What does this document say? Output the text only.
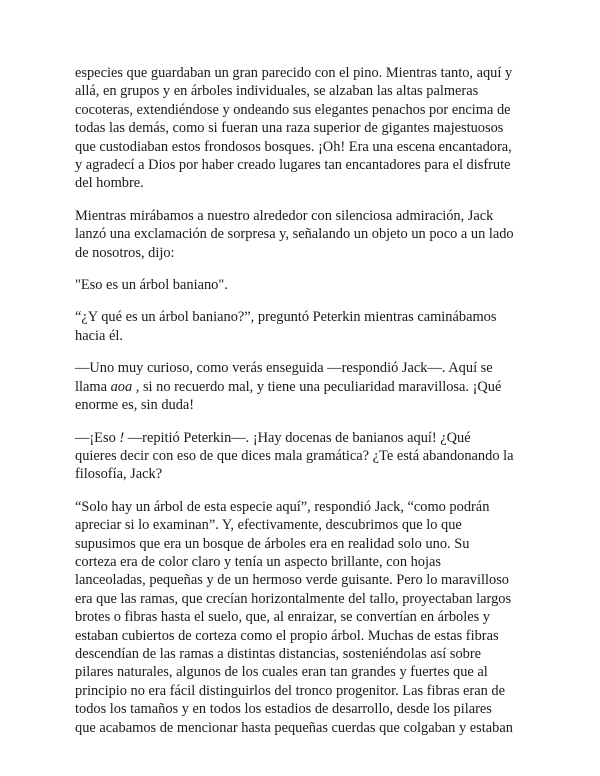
especies que guardaban un gran parecido con el pino. Mientras tanto, aquí y
allá, en grupos y en árboles individuales, se alzaban las altas palmeras
cocoteras, extendiéndose y ondeando sus elegantes penachos por encima de
todas las demás, como si fueran una raza superior de gigantes majestuosos
que custodiaban estos frondosos bosques. ¡Oh! Era una escena encantadora,
y agradecí a Dios por haber creado lugares tan encantadores para el disfrute
del hombre.

Mientras mirábamos a nuestro alrededor con silenciosa admiración, Jack
lanzó una exclamación de sorpresa y, señalando un objeto un poco a un lado
de nosotros, dijo:

"Eso es un árbol baniano".

“¿Y qué es un árbol baniano?”, preguntó Peterkin mientras caminábamos
hacia él.

—Uno muy curioso, como verás enseguida —respondió Jack—. Aquí se
llama aoa , si no recuerdo mal, y tiene una peculiaridad maravillosa. ¡Qué
enorme es, sin duda!

—¡Eso ! —repitió Peterkin—. ¡Hay docenas de banianos aquí! ¿Qué
quieres decir con eso de que dices mala gramática? ¿Te está abandonando la
filosofía, Jack?

“Solo hay un árbol de esta especie aquí”, respondió Jack, “como podrán
apreciar si lo examinan”. Y, efectivamente, descubrimos que lo que
supusimos que era un bosque de árboles era en realidad solo uno. Su
corteza era de color claro y tenía un aspecto brillante, con hojas
lanceoladas, pequeñas y de un hermoso verde guisante. Pero lo maravilloso
era que las ramas, que crecían horizontalmente del tallo, proyectaban largos
brotes o fibras hasta el suelo, que, al enraizar, se convertían en árboles y
estaban cubiertos de corteza como el propio árbol. Muchas de estas fibras
descendían de las ramas a distintas distancias, sosteniéndolas así sobre
pilares naturales, algunos de los cuales eran tan grandes y fuertes que al
principio no era fácil distinguirlos del tronco progenitor. Las fibras eran de
todos los tamaños y en todos los estadios de desarrollo, desde los pilares
que acabamos de mencionar hasta pequeñas cuerdas que colgaban y estaban
